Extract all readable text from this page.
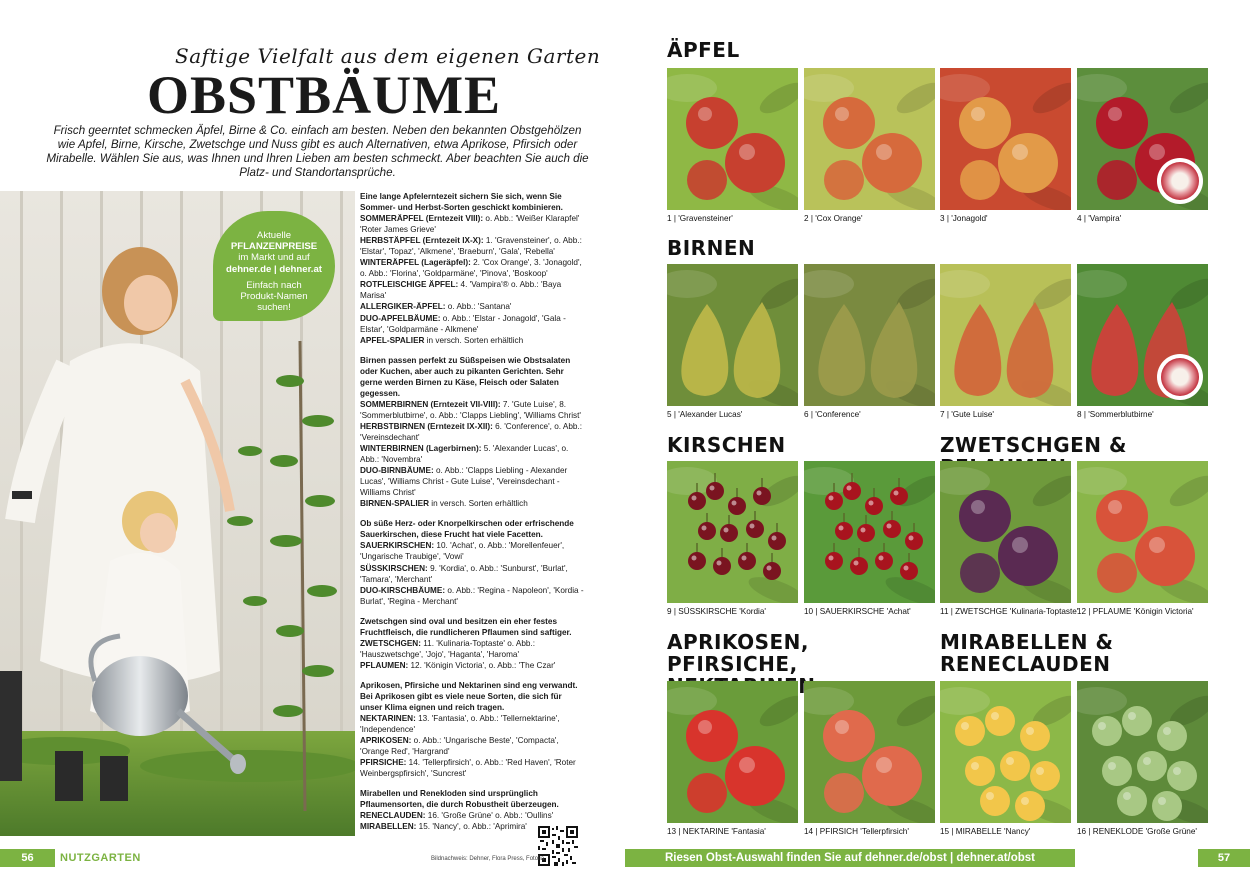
Saftige Vielfalt aus dem eigenen Garten
OBSTBÄUME
Frisch geerntet schmecken Äpfel, Birne & Co. einfach am besten. Neben den bekannten Obstgehölzen wie Apfel, Birne, Kirsche, Zwetschge und Nuss gibt es auch Alternativen, etwa Aprikose, Pfirsich oder Mirabelle. Wählen Sie aus, was Ihnen und Ihren Lieben am besten schmeckt. Aber beachten Sie auch die Platz- und Standortansprüche.
Aktuelle
PFLANZENPREISE
im Markt und auf
dehner.de | dehner.at
Einfach nach
Produkt-Namen
suchen!

Eine lange Apfelerntezeit sichern Sie sich, wenn Sie Sommer- und Herbst-Sorten geschickt kombinieren.
SOMMERÄPFEL (Erntezeit VIII): o. Abb.: 'Weißer Klarapfel' 'Roter James Grieve'
HERBSTÄPFEL (Erntezeit IX-X): 1. 'Gravensteiner', o. Abb.: 'Elstar', 'Topaz', 'Alkmene', 'Braeburn', 'Gala', 'Rebella'
WINTERÄPFEL (Lageräpfel): 2. 'Cox Orange', 3. 'Jonagold', o. Abb.: 'Florina', 'Goldparmäne', 'Pinova', 'Boskoop'
ROTFLEISCHIGE ÄPFEL: 4. 'Vampira'® o. Abb.: 'Baya Marisa'
ALLERGIKER-ÄPFEL: o. Abb.: 'Santana'
DUO-APFELBÄUME: o. Abb.: 'Elstar - Jonagold', 'Gala - Elstar', 'Goldparmäne - Alkmene'
APFEL-SPALIER in versch. Sorten erhältlich

Birnen passen perfekt zu Süßspeisen wie Obstsalaten oder Kuchen, aber auch zu pikanten Gerichten. Sehr gerne werden Birnen zu Käse, Fleisch oder Salaten gegessen.
SOMMERBIRNEN (Erntezeit VII-VIII): 7. 'Gute Luise', 8. 'Sommerblutbirne', o. Abb.: 'Clapps Liebling', 'Williams Christ'
HERBSTBIRNEN (Erntezeit IX-XII): 6. 'Conference', o. Abb.: 'Vereinsdechant'
WINTERBIRNEN (Lagerbirnen): 5. 'Alexander Lucas', o. Abb.: 'Novembra'
DUO-BIRNBÄUME: o. Abb.: 'Clapps Liebling - Alexander Lucas', 'Williams Christ - Gute Luise', 'Vereinsdechant - Williams Christ'
BIRNEN-SPALIER in versch. Sorten erhältlich

Ob süße Herz- oder Knorpelkirschen oder erfrischende Sauerkirschen, diese Frucht hat viele Facetten.
SAUERKIRSCHEN: 10. 'Achat', o. Abb.: 'Morellenfeuer', 'Ungarische Traubige', 'Vowi'
SÜSSKIRSCHEN: 9. 'Kordia', o. Abb.: 'Sunburst', 'Burlat', 'Tamara', 'Merchant'
DUO-KIRSCHBÄUME: o. Abb.: 'Regina - Napoleon', 'Kordia - Burlat', 'Regina - Merchant'

Zwetschgen sind oval und besitzen ein eher festes Fruchtfleisch, die rundlicheren Pflaumen sind saftiger.
ZWETSCHGEN: 11. 'Kulinaria-Toptaste' o. Abb.: 'Hauszwetschge', 'Jojo', 'Haganta', 'Haroma'
PFLAUMEN: 12. 'Königin Victoria', o. Abb.: 'The Czar'

Aprikosen, Pfirsiche und Nektarinen sind eng verwandt. Bei Aprikosen gibt es viele neue Sorten, die sich für unser Klima eignen und reich tragen.
NEKTARINEN: 13. 'Fantasia', o. Abb.: 'Tellernektarine', 'Independence'
APRIKOSEN: o. Abb.: 'Ungarische Beste', 'Compacta', 'Orange Red', 'Hargrand'
PFIRSICHE: 14. 'Tellerpfirsich', o. Abb.: 'Red Haven', 'Roter Weinbergspfirsich', 'Suncrest'

Mirabellen und Renekloden sind ursprünglich Pflaumensorten, die durch Robustheit überzeugen.
RENECLAUDEN: 16. 'Große Grüne' o. Abb.: 'Oullins'
MIRABELLEN: 15. 'Nancy', o. Abb.: 'Aprimira'

Bildnachweis: Dehner, Flora Press, Fotolia
56	NUTZGARTEN
ÄPFEL
BIRNEN
KIRSCHEN	ZWETSCHGEN &
APRIKOSEN, PFIRSICHE,
MIRABELLEN & RENECLAUDEN
1 | 'Gravensteiner'	2 | 'Cox Orange'	3 | 'Jonagold'	4 | 'Vampira'
5 | 'Alexander Lucas'	6 | 'Conference'	7 | 'Gute Luise'	8 | 'Sommerblutbirne'
9 | SÜSSKIRSCHE 'Kordia'	10 | SAUERKIRSCHE 'Achat'	11 | ZWETSCHGE 'Kulinaria-Toptaste'
12 | PFLAUME 'Königin Victoria'
13 | NEKTARINE 'Fantasia'	14 | PFIRSICH 'Tellerpfirsich'	15 | MIRABELLE 'Nancy'	16 | RENEKLODE 'Große Grüne'
Riesen Obst-Auswahl finden Sie auf dehner.de/obst | dehner.at/obst	57
